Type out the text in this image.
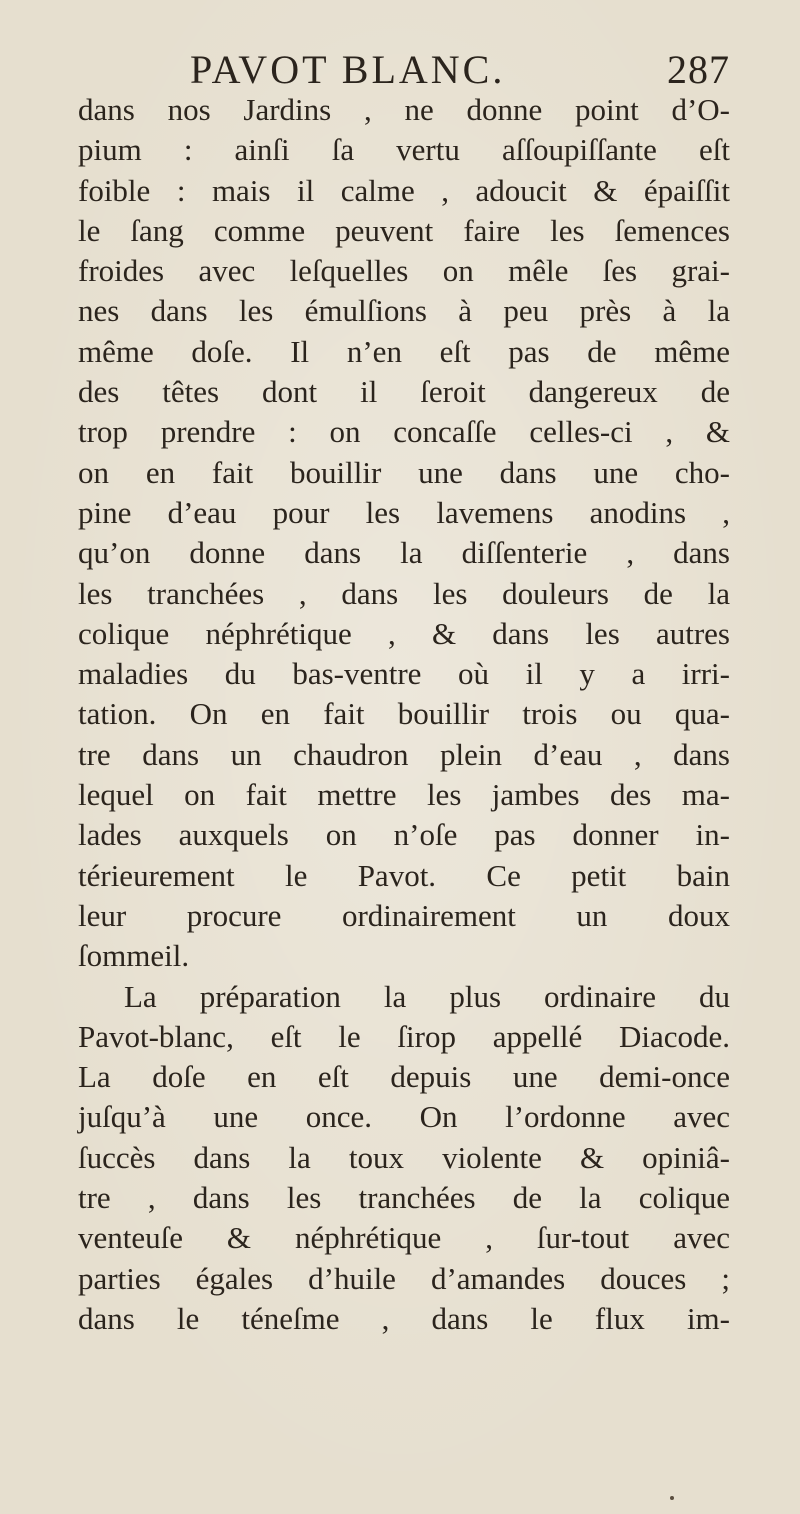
PAVOT BLANC.	287
dans nos Jardins , ne donne point d’O-
pium : ainſi ſa vertu aſſoupiſſante eſt
foible : mais il calme , adoucit & épaiſſit
le ſang comme peuvent faire les ſemences
froides avec leſquelles on mêle ſes grai-
nes dans les émulſions à peu près à la
même doſe. Il n’en eſt pas de même
des têtes dont il ſeroit dangereux de
trop prendre : on concaſſe celles-ci , &
on en fait bouillir une dans une cho-
pine d’eau pour les lavemens anodins ,
qu’on donne dans la diſſenterie , dans
les tranchées , dans les douleurs de la
colique néphrétique , & dans les autres
maladies du bas-ventre où il y a irri-
tation. On en fait bouillir trois ou qua-
tre dans un chaudron plein d’eau , dans
lequel on fait mettre les jambes des ma-
lades auxquels on n’oſe pas donner in-
térieurement le Pavot. Ce petit bain
leur procure ordinairement un doux
ſommeil.
La préparation la plus ordinaire du
Pavot-blanc, eſt le ſirop appellé Diacode.
La doſe en eſt depuis une demi-once
juſqu’à une once. On l’ordonne avec
ſuccès dans la toux violente & opiniâ-
tre , dans les tranchées de la colique
venteuſe & néphrétique , ſur-tout avec
parties égales d’huile d’amandes douces ;
dans le téneſme , dans le flux im-
